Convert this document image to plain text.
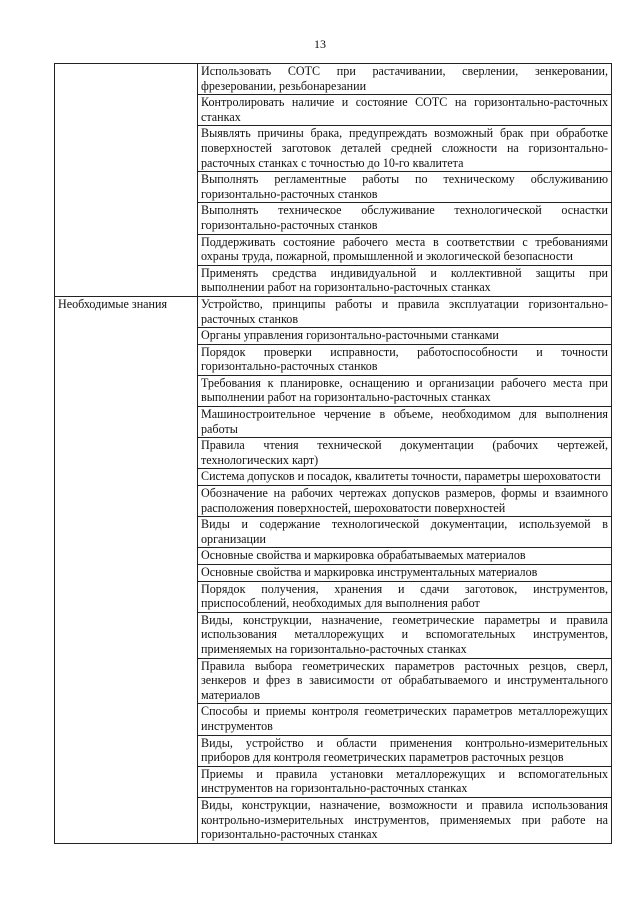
13

	Использовать СОТС при растачивании, сверлении, зенкеровании, фрезеровании, резьбонарезании

	Контролировать наличие и состояние СОТС на горизонтально-расточных станках

	Выявлять причины брака, предупреждать возможный брак при обработке поверхностей заготовок деталей средней сложности на горизонтально-расточных станках с точностью до 10-го квалитета

	Выполнять регламентные работы по техническому обслуживанию горизонтально-расточных станков

	Выполнять техническое обслуживание технологической оснастки горизонтально-расточных станков

	Поддерживать состояние рабочего места в соответствии с требованиями охраны труда, пожарной, промышленной и экологической безопасности

	Применять средства индивидуальной и коллективной защиты при выполнении работ на горизонтально-расточных станках

Необходимые знания	Устройство, принципы работы и правила эксплуатации горизонтально-расточных станков

	Органы управления горизонтально-расточными станками

	Порядок проверки исправности, работоспособности и точности горизонтально-расточных станков

	Требования к планировке, оснащению и организации рабочего места при выполнении работ на горизонтально-расточных станках

	Машиностроительное черчение в объеме, необходимом для выполнения работы

	Правила чтения технической документации (рабочих чертежей, технологических карт)

	Система допусков и посадок, квалитеты точности, параметры шероховатости

	Обозначение на рабочих чертежах допусков размеров, формы и взаимного расположения поверхностей, шероховатости поверхностей

	Виды и содержание технологической документации, используемой в организации

	Основные свойства и маркировка обрабатываемых материалов

	Основные свойства и маркировка инструментальных материалов

	Порядок получения, хранения и сдачи заготовок, инструментов, приспособлений, необходимых для выполнения работ

	Виды, конструкции, назначение, геометрические параметры и правила использования металлорежущих и вспомогательных инструментов, применяемых на горизонтально-расточных станках

	Правила выбора геометрических параметров расточных резцов, сверл, зенкеров и фрез в зависимости от обрабатываемого и инструментального материалов

	Способы и приемы контроля геометрических параметров металлорежущих инструментов

	Виды, устройство и области применения контрольно-измерительных приборов для контроля геометрических параметров расточных резцов

	Приемы и правила установки металлорежущих и вспомогательных инструментов на горизонтально-расточных станках

	Виды, конструкции, назначение, возможности и правила использования контрольно-измерительных инструментов, применяемых при работе на горизонтально-расточных станках
